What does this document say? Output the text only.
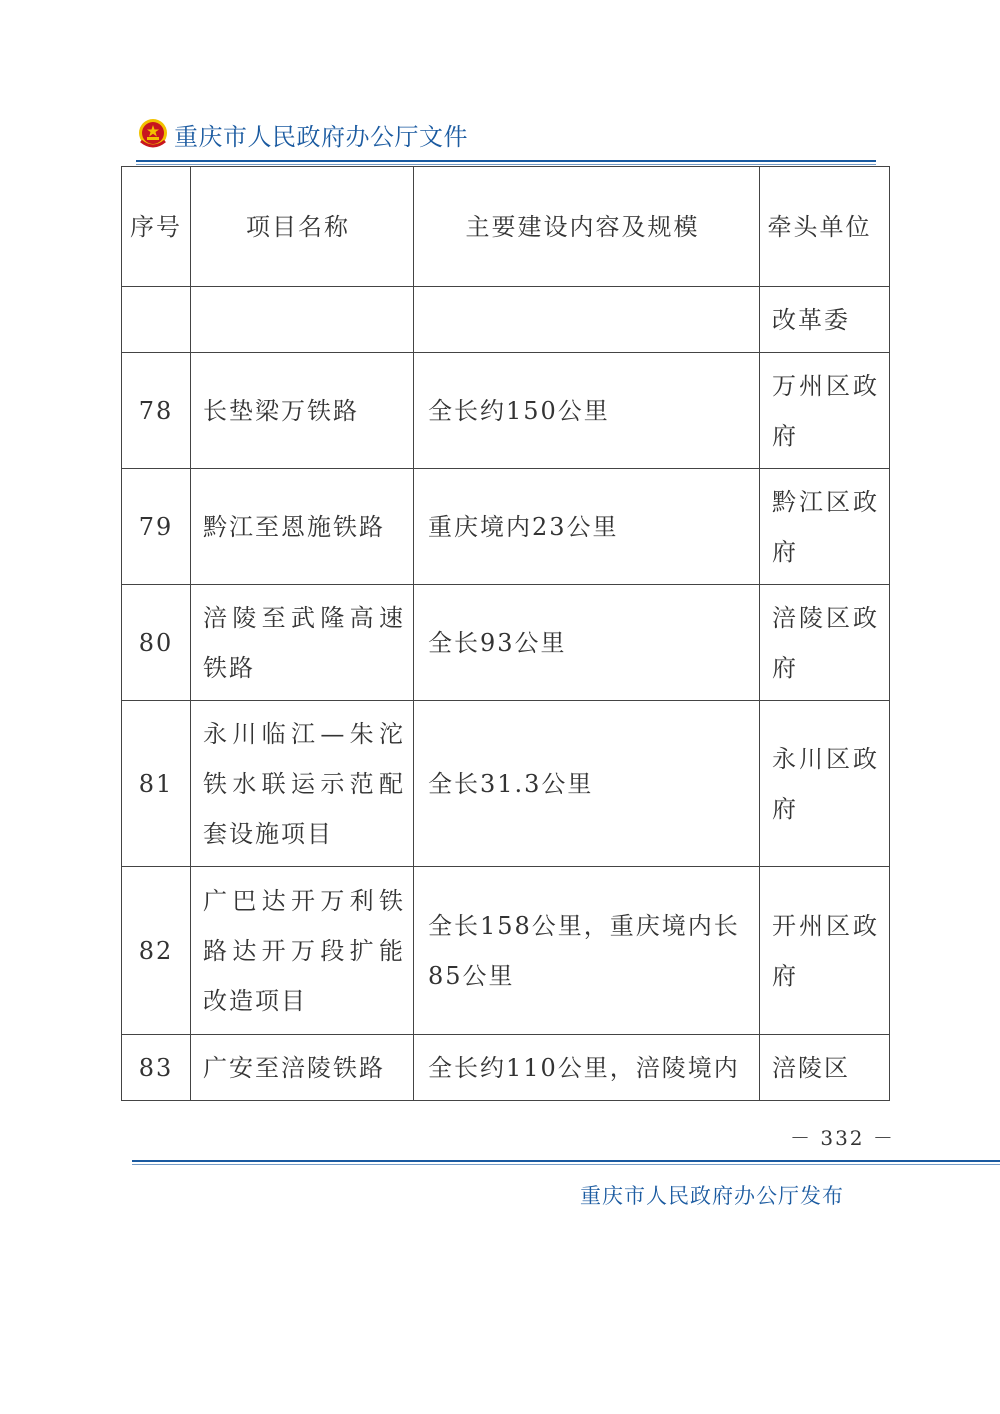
重庆市人民政府办公厅文件
序号	项目名称	主要建设内容及规模	牵头单位
			改革委
78	长垫梁万铁路	全长约150公里	万州区政府
79	黔江至恩施铁路	重庆境内23公里	黔江区政府
80	涪陵至武隆高速铁路	全长93公里	涪陵区政府
81	永川临江—朱沱铁水联运示范配套设施项目	全长31.3公里	永川区政府
82	广巴达开万利铁路达开万段扩能改造项目	全长158公里，重庆境内长85公里	开州区政府
83	广安至涪陵铁路	全长约110公里，涪陵境内	涪陵区
－ 332 －
重庆市人民政府办公厅发布
